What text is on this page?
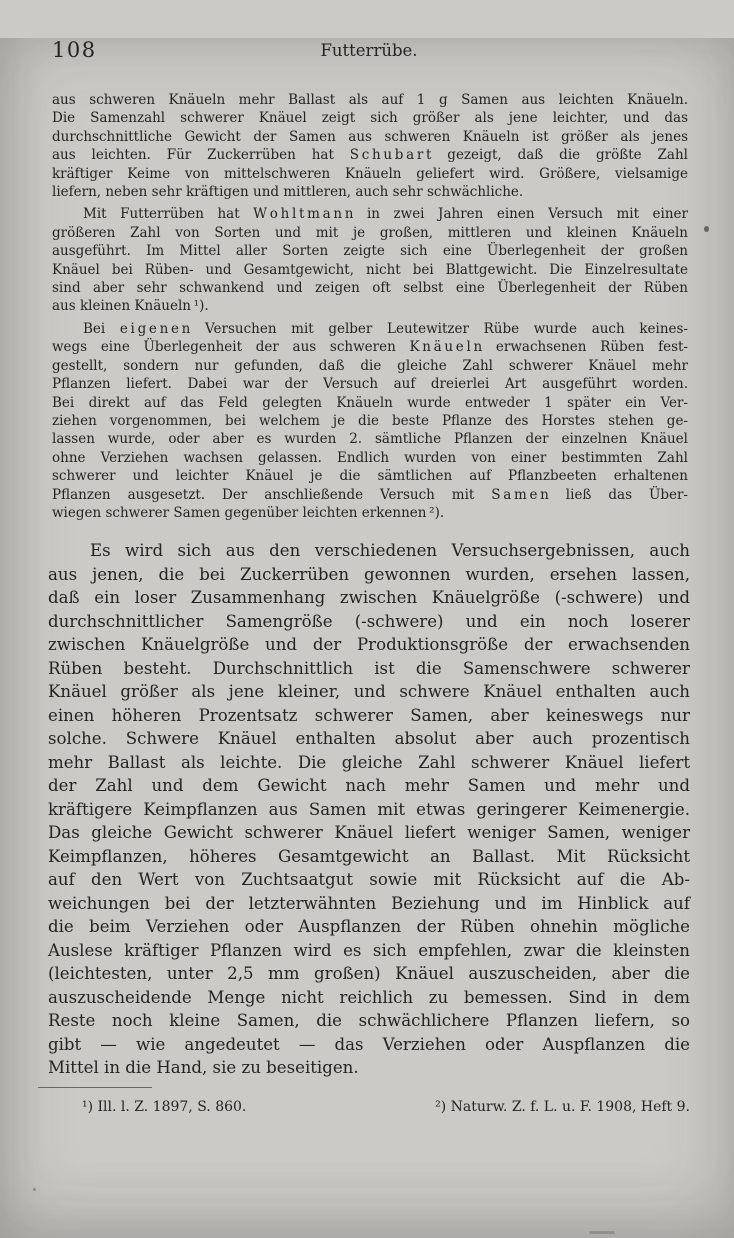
108	Futterrübe.
aus schweren Knäueln mehr Ballast als auf 1 g Samen aus leichten Knäueln.
Die Samenzahl schwerer Knäuel zeigt sich größer als jene leichter, und das
durchschnittliche Gewicht der Samen aus schweren Knäueln ist größer als jenes
aus leichten. Für Zuckerrüben hat S c h u b a r t gezeigt, daß die größte Zahl
kräftiger Keime von mittelschweren Knäueln geliefert wird. Größere, vielsamige
liefern, neben sehr kräftigen und mittleren, auch sehr schwächliche.
Mit Futterrüben hat W o h l t m a n n in zwei Jahren einen Versuch mit einer
größeren Zahl von Sorten und mit je großen, mittleren und kleinen Knäueln
ausgeführt. Im Mittel aller Sorten zeigte sich eine Überlegenheit der großen
Knäuel bei Rüben- und Gesamtgewicht, nicht bei Blattgewicht. Die Einzelresultate
sind aber sehr schwankend und zeigen oft selbst eine Überlegenheit der Rüben
aus kleinen Knäueln ¹).
Bei e i g e n e n Versuchen mit gelber Leutewitzer Rübe wurde auch keines-
wegs eine Überlegenheit der aus schweren K n ä u e l n erwachsenen Rüben fest-
gestellt, sondern nur gefunden, daß die gleiche Zahl schwerer Knäuel mehr
Pflanzen liefert. Dabei war der Versuch auf dreierlei Art ausgeführt worden.
Bei direkt auf das Feld gelegten Knäueln wurde entweder 1 später ein Ver-
ziehen vorgenommen, bei welchem je die beste Pflanze des Horstes stehen ge-
lassen wurde, oder aber es wurden 2. sämtliche Pflanzen der einzelnen Knäuel
ohne Verziehen wachsen gelassen. Endlich wurden von einer bestimmten Zahl
schwerer und leichter Knäuel je die sämtlichen auf Pflanzbeeten erhaltenen
Pflanzen ausgesetzt. Der anschließende Versuch mit S a m e n ließ das Über-
wiegen schwerer Samen gegenüber leichten erkennen ²).
Es wird sich aus den verschiedenen Versuchsergebnissen, auch
aus jenen, die bei Zuckerrüben gewonnen wurden, ersehen lassen,
daß ein loser Zusammenhang zwischen Knäuelgröße (-schwere) und
durchschnittlicher Samengröße (-schwere) und ein noch loserer
zwischen Knäuelgröße und der Produktionsgröße der erwachsenden
Rüben besteht. Durchschnittlich ist die Samenschwere schwerer
Knäuel größer als jene kleiner, und schwere Knäuel enthalten auch
einen höheren Prozentsatz schwerer Samen, aber keineswegs nur
solche. Schwere Knäuel enthalten absolut aber auch prozentisch
mehr Ballast als leichte. Die gleiche Zahl schwerer Knäuel liefert
der Zahl und dem Gewicht nach mehr Samen und mehr und
kräftigere Keimpflanzen aus Samen mit etwas geringerer Keimenergie.
Das gleiche Gewicht schwerer Knäuel liefert weniger Samen, weniger
Keimpflanzen, höheres Gesamtgewicht an Ballast. Mit Rücksicht
auf den Wert von Zuchtsaatgut sowie mit Rücksicht auf die Ab-
weichungen bei der letzterwähnten Beziehung und im Hinblick auf
die beim Verziehen oder Auspflanzen der Rüben ohnehin mögliche
Auslese kräftiger Pflanzen wird es sich empfehlen, zwar die kleinsten
(leichtesten, unter 2,5 mm großen) Knäuel auszuscheiden, aber die
auszuscheidende Menge nicht reichlich zu bemessen. Sind in dem
Reste noch kleine Samen, die schwächlichere Pflanzen liefern, so
gibt — wie angedeutet — das Verziehen oder Auspflanzen die
Mittel in die Hand, sie zu beseitigen.
¹) Ill. l. Z. 1897, S. 860.	²) Naturw. Z. f. L. u. F. 1908, Heft 9.
